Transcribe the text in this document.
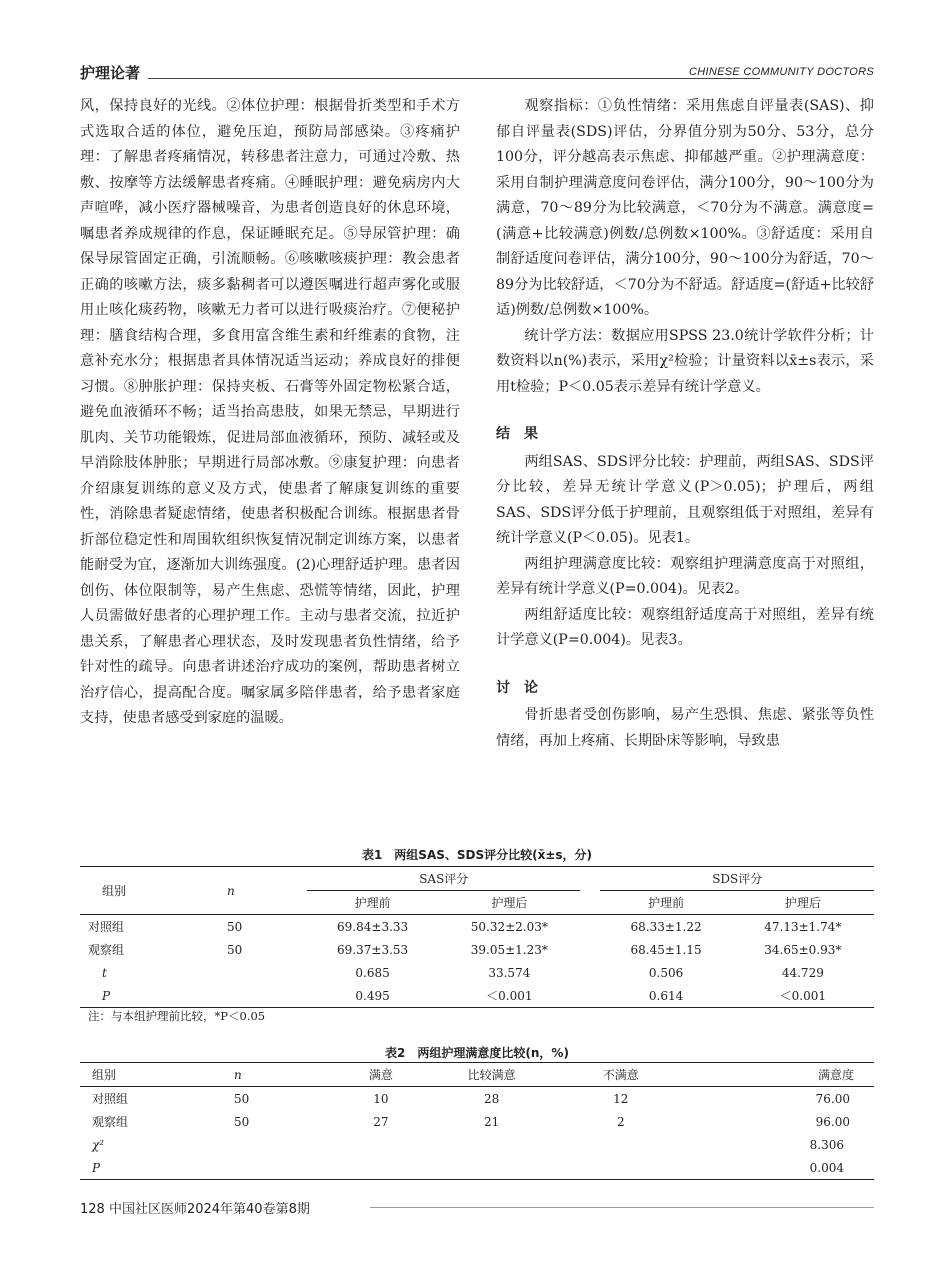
护理论著	CHINESE COMMUNITY DOCTORS

风，保持良好的光线。②体位护理：根据骨折类型和手术方式选取合适的体位，避免压迫，预防局部感染。③疼痛护理：了解患者疼痛情况，转移患者注意力，可通过冷敷、热敷、按摩等方法缓解患者疼痛。④睡眠护理：避免病房内大声喧哗，减小医疗器械噪音，为患者创造良好的休息环境，嘱患者养成规律的作息，保证睡眠充足。⑤导尿管护理：确保导尿管固定正确，引流顺畅。⑥咳嗽咳痰护理：教会患者正确的咳嗽方法，痰多黏稠者可以遵医嘱进行超声雾化或服用止咳化痰药物，咳嗽无力者可以进行吸痰治疗。⑦便秘护理：膳食结构合理，多食用富含维生素和纤维素的食物，注意补充水分；根据患者具体情况适当运动；养成良好的排便习惯。⑧肿胀护理：保持夹板、石膏等外固定物松紧合适，避免血液循环不畅；适当抬高患肢，如果无禁忌，早期进行肌肉、关节功能锻炼，促进局部血液循环，预防、减轻或及早消除肢体肿胀；早期进行局部冰敷。⑨康复护理：向患者介绍康复训练的意义及方式，使患者了解康复训练的重要性，消除患者疑虑情绪，使患者积极配合训练。根据患者骨折部位稳定性和周围软组织恢复情况制定训练方案，以患者能耐受为宜，逐渐加大训练强度。(2)心理舒适护理。患者因创伤、体位限制等，易产生焦虑、恐慌等情绪，因此，护理人员需做好患者的心理护理工作。主动与患者交流，拉近护患关系，了解患者心理状态，及时发现患者负性情绪，给予针对性的疏导。向患者讲述治疗成功的案例，帮助患者树立治疗信心，提高配合度。嘱家属多陪伴患者，给予患者家庭支持，使患者感受到家庭的温暖。

观察指标：①负性情绪：采用焦虑自评量表(SAS)、抑郁自评量表(SDS)评估，分界值分别为50分、53分，总分100分，评分越高表示焦虑、抑郁越严重。②护理满意度：采用自制护理满意度问卷评估，满分100分，90～100分为满意，70～89分为比较满意，＜70分为不满意。满意度=(满意+比较满意)例数/总例数×100%。③舒适度：采用自制舒适度问卷评估，满分100分，90～100分为舒适，70～89分为比较舒适，＜70分为不舒适。舒适度=(舒适+比较舒适)例数/总例数×100%。

统计学方法：数据应用SPSS 23.0统计学软件分析；计数资料以n(%)表示，采用χ²检验；计量资料以x̄±s表示，采用t检验；P＜0.05表示差异有统计学意义。

结　果

两组SAS、SDS评分比较：护理前，两组SAS、SDS评分比较，差异无统计学意义(P＞0.05)；护理后，两组SAS、SDS评分低于护理前，且观察组低于对照组，差异有统计学意义(P＜0.05)。见表1。

两组护理满意度比较：观察组护理满意度高于对照组，差异有统计学意义(P=0.004)。见表2。

两组舒适度比较：观察组舒适度高于对照组，差异有统计学意义(P=0.004)。见表3。

讨　论

骨折患者受创伤影响，易产生恐惧、焦虑、紧张等负性情绪，再加上疼痛、长期卧床等影响，导致患

表1　两组SAS、SDS评分比较(x̄±s，分)
组别	n	SAS评分			SDS评分	
		护理前	护理后		护理前	护理后
对照组	50	69.84±3.33	50.32±2.03*		68.33±1.22	47.13±1.74*
观察组	50	69.37±3.53	39.05±1.23*		68.45±1.15	34.65±0.93*
t		0.685	33.574		0.506	44.729
P		0.495	＜0.001		0.614	＜0.001
注：与本组护理前比较，*P＜0.05
表2　两组护理满意度比较(n，%)
组别	n	满意	比较满意	不满意	满意度
对照组	50	10	28	12	76.00
观察组	50	27	21	2	96.00
χ²					8.306
P					0.004
128 中国社区医师2024年第40卷第8期
